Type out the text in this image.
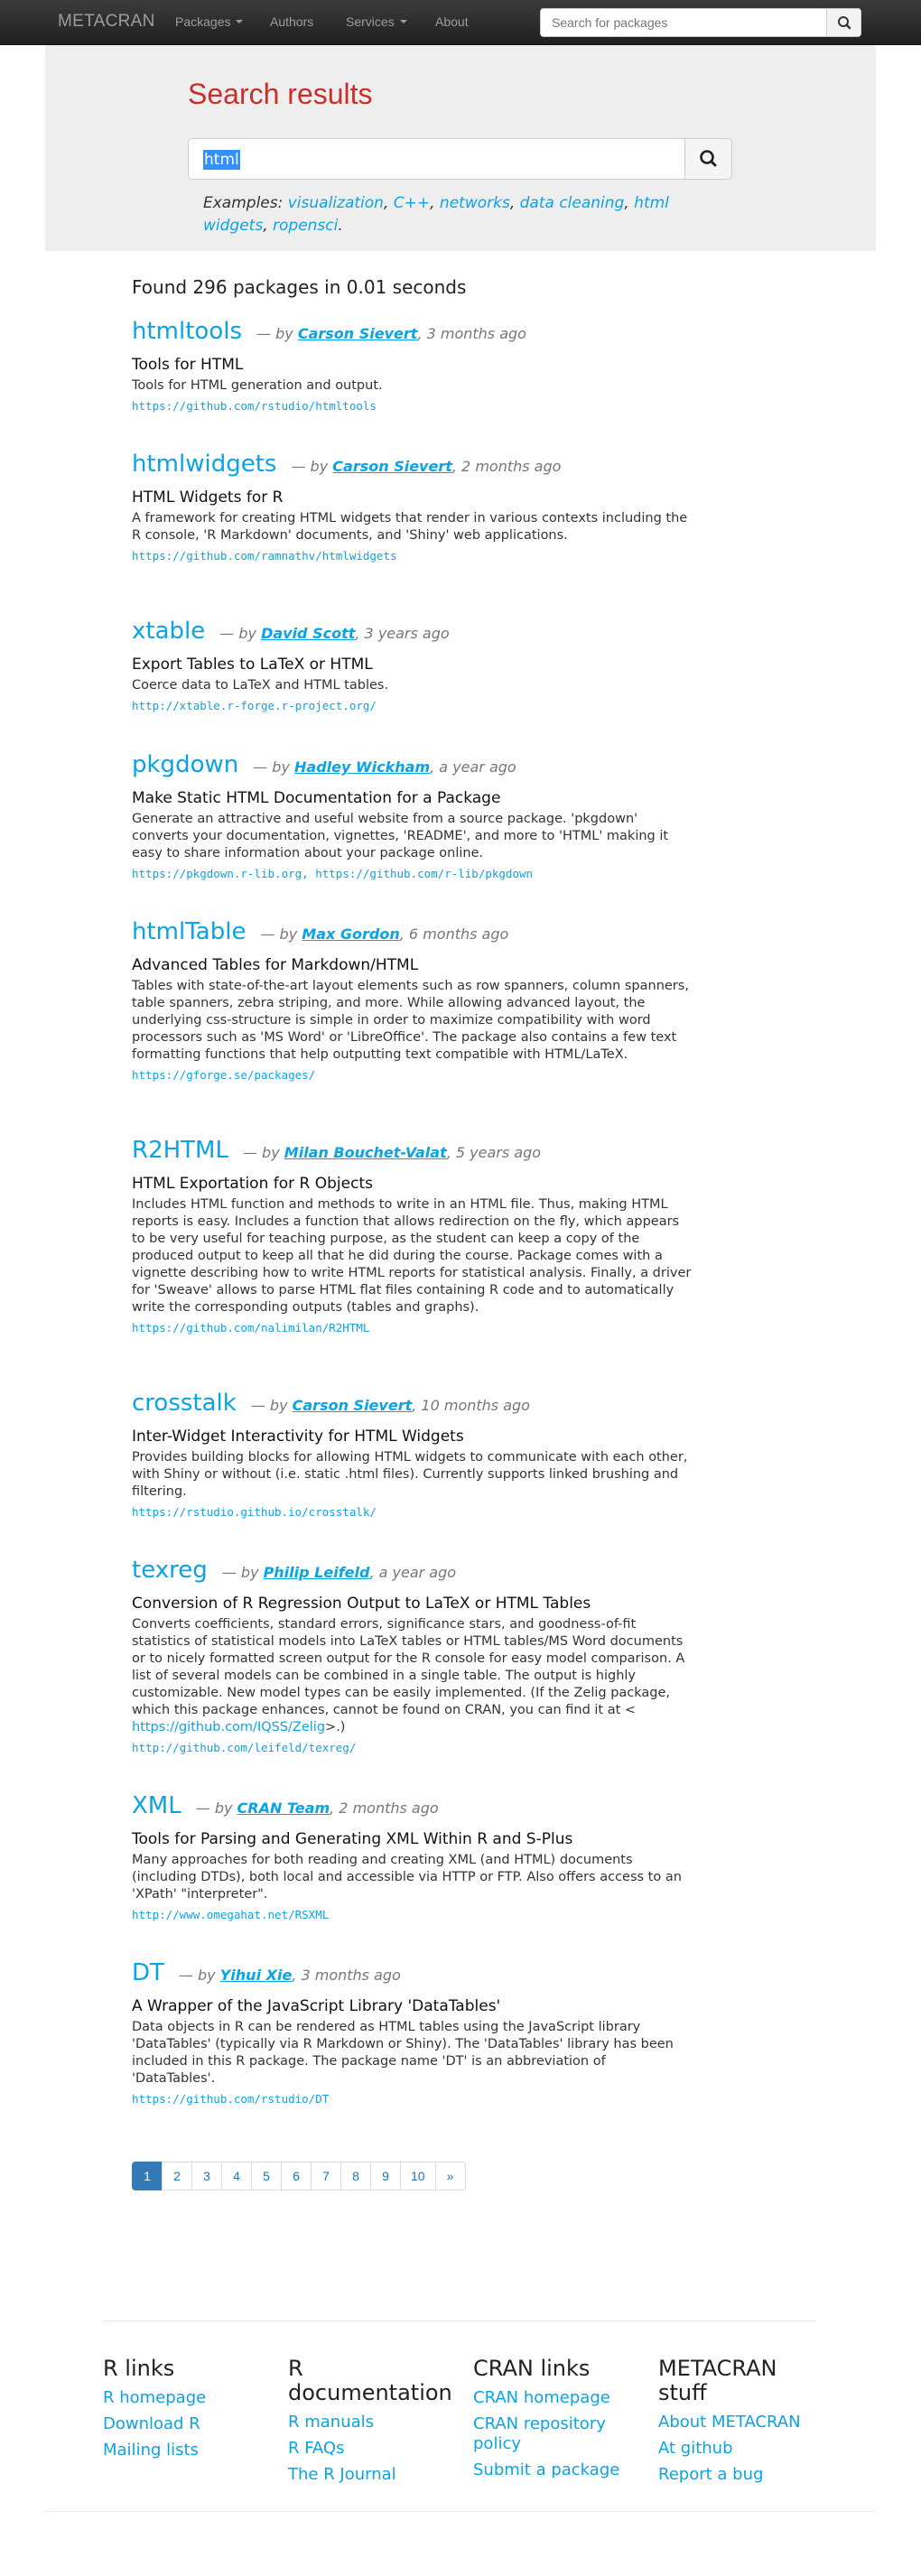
METACRAN Packages	Authors	Services	About
Search for packages
Search results
html
Examples: visualization, C++, networks, data cleaning, html widgets, ropensci.
Found 296 packages in 0.01 seconds
htmltools — by Carson Sievert, 3 months ago
Tools for HTML
Tools for HTML generation and output.
https://github.com/rstudio/htmltools
htmlwidgets — by Carson Sievert, 2 months ago
HTML Widgets for R
A framework for creating HTML widgets that render in various contexts including the R console, 'R Markdown' documents, and 'Shiny' web applications.
https://github.com/ramnathv/htmlwidgets
xtable — by David Scott, 3 years ago
Export Tables to LaTeX or HTML
Coerce data to LaTeX and HTML tables.
http://xtable.r-forge.r-project.org/
pkgdown — by Hadley Wickham, a year ago
Make Static HTML Documentation for a Package
Generate an attractive and useful website from a source package. 'pkgdown' converts your documentation, vignettes, 'README', and more to 'HTML' making it easy to share information about your package online.
https://pkgdown.r-lib.org, https://github.com/r-lib/pkgdown
htmlTable — by Max Gordon, 6 months ago
Advanced Tables for Markdown/HTML
Tables with state-of-the-art layout elements such as row spanners, column spanners, table spanners, zebra striping, and more. While allowing advanced layout, the underlying css-structure is simple in order to maximize compatibility with word processors such as 'MS Word' or 'LibreOffice'. The package also contains a few text formatting functions that help outputting text compatible with HTML/LaTeX.
https://gforge.se/packages/
R2HTML — by Milan Bouchet-Valat, 5 years ago
HTML Exportation for R Objects
Includes HTML function and methods to write in an HTML file. Thus, making HTML reports is easy. Includes a function that allows redirection on the fly, which appears to be very useful for teaching purpose, as the student can keep a copy of the produced output to keep all that he did during the course. Package comes with a vignette describing how to write HTML reports for statistical analysis. Finally, a driver for 'Sweave' allows to parse HTML flat files containing R code and to automatically write the corresponding outputs (tables and graphs).
https://github.com/nalimilan/R2HTML
crosstalk — by Carson Sievert, 10 months ago
Inter-Widget Interactivity for HTML Widgets
Provides building blocks for allowing HTML widgets to communicate with each other, with Shiny or without (i.e. static .html files). Currently supports linked brushing and filtering.
https://rstudio.github.io/crosstalk/
texreg — by Philip Leifeld, a year ago
Conversion of R Regression Output to LaTeX or HTML Tables
Converts coefficients, standard errors, significance stars, and goodness-of-fit statistics of statistical models into LaTeX tables or HTML tables/MS Word documents or to nicely formatted screen output for the R console for easy model comparison. A list of several models can be combined in a single table. The output is highly customizable. New model types can be easily implemented. (If the Zelig package, which this package enhances, cannot be found on CRAN, you can find it at < https://github.com/IQSS/Zelig>.)
http://github.com/leifeld/texreg/
XML — by CRAN Team, 2 months ago
Tools for Parsing and Generating XML Within R and S-Plus
Many approaches for both reading and creating XML (and HTML) documents (including DTDs), both local and accessible via HTTP or FTP. Also offers access to an 'XPath' "interpreter".
http://www.omegahat.net/RSXML
DT — by Yihui Xie, 3 months ago
A Wrapper of the JavaScript Library 'DataTables'
Data objects in R can be rendered as HTML tables using the JavaScript library 'DataTables' (typically via R Markdown or Shiny). The 'DataTables' library has been included in this R package. The package name 'DT' is an abbreviation of 'DataTables'.
https://github.com/rstudio/DT
1	2	3	4	5	6	7	8	9	10	»
R links
R homepage
Download R
Mailing lists
R documentation
R manuals
R FAQs
The R Journal
CRAN links
CRAN homepage
CRAN repository policy
Submit a package
METACRAN stuff
About METACRAN
At github
Report a bug
